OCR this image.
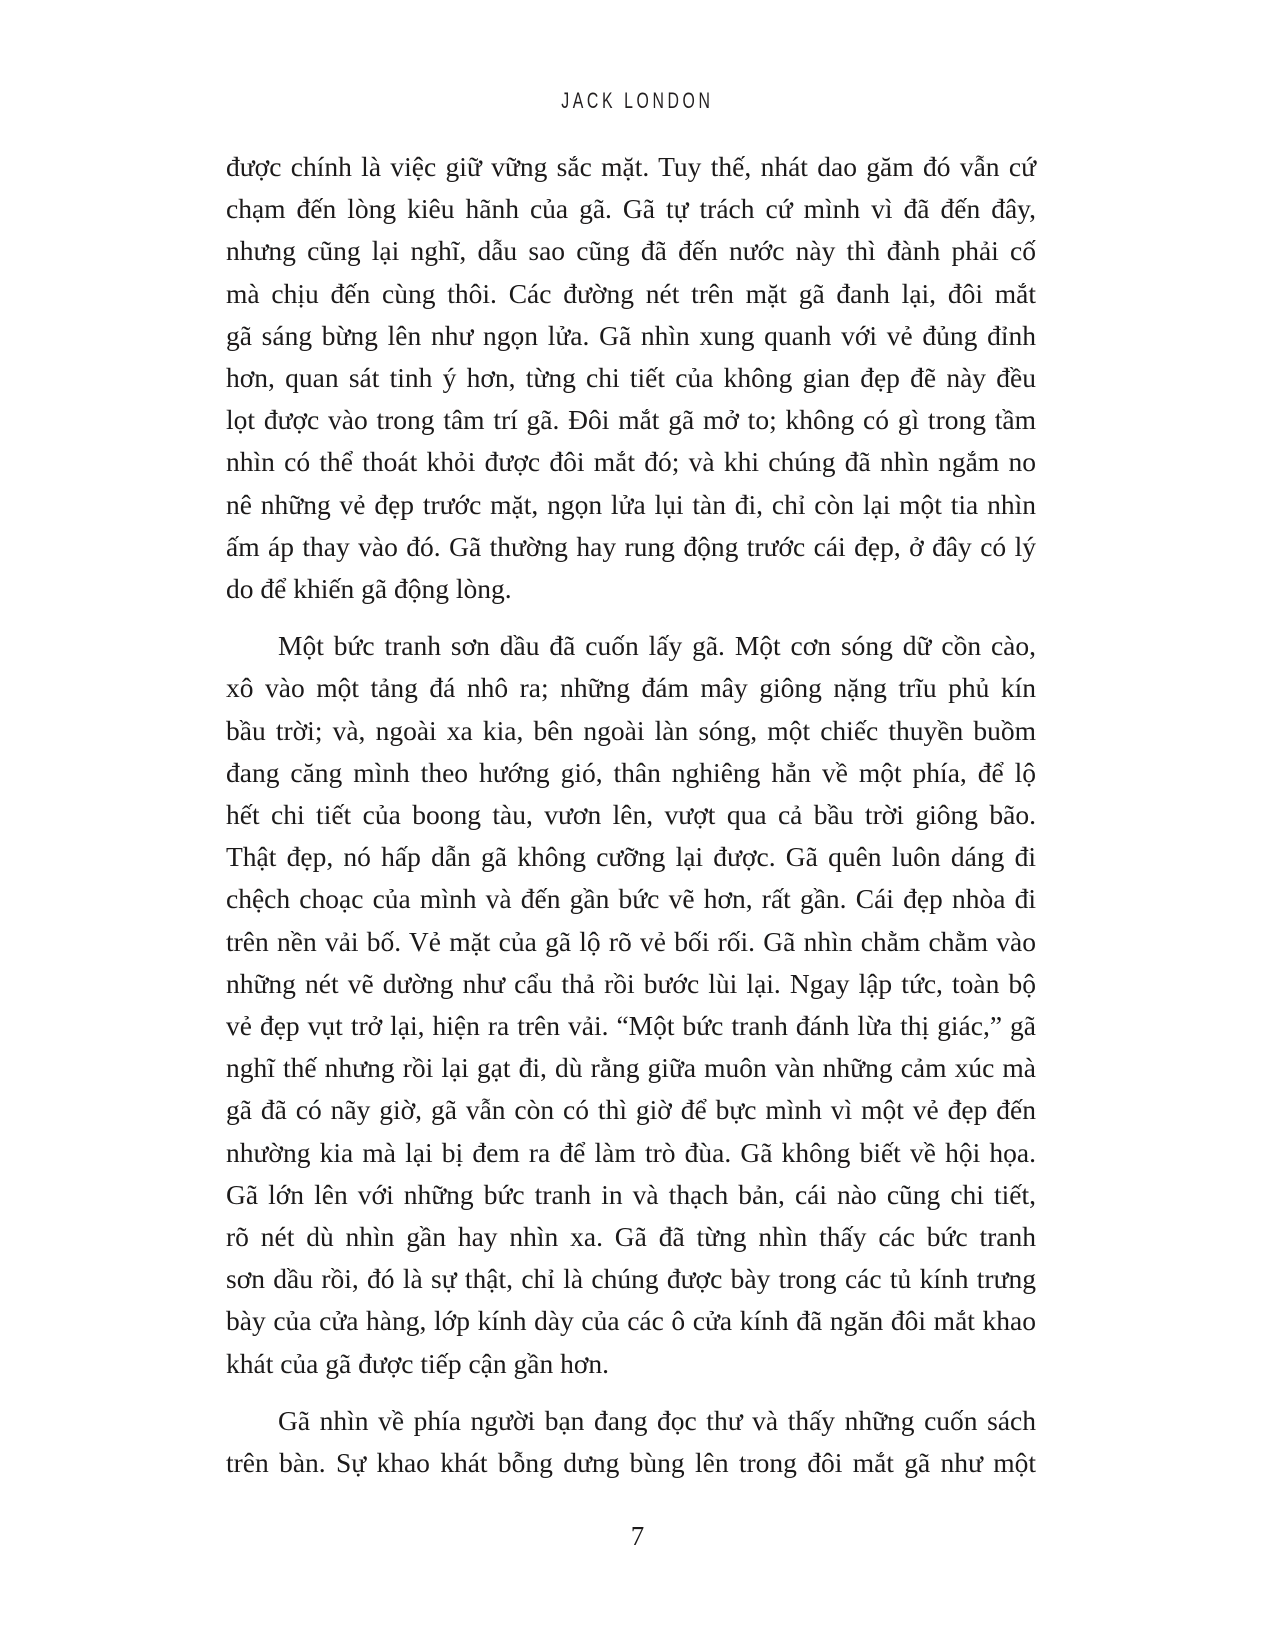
JACK LONDON

được chính là việc giữ vững sắc mặt. Tuy thế, nhát dao găm đó vẫn cứ
chạm đến lòng kiêu hãnh của gã. Gã tự trách cứ mình vì đã đến đây,
nhưng cũng lại nghĩ, dẫu sao cũng đã đến nước này thì đành phải cố
mà chịu đến cùng thôi. Các đường nét trên mặt gã đanh lại, đôi mắt
gã sáng bừng lên như ngọn lửa. Gã nhìn xung quanh với vẻ đủng đỉnh
hơn, quan sát tinh ý hơn, từng chi tiết của không gian đẹp đẽ này đều
lọt được vào trong tâm trí gã. Đôi mắt gã mở to; không có gì trong tầm
nhìn có thể thoát khỏi được đôi mắt đó; và khi chúng đã nhìn ngắm no
nê những vẻ đẹp trước mặt, ngọn lửa lụi tàn đi, chỉ còn lại một tia nhìn
ấm áp thay vào đó. Gã thường hay rung động trước cái đẹp, ở đây có lý
do để khiến gã động lòng.

Một bức tranh sơn dầu đã cuốn lấy gã. Một cơn sóng dữ cồn cào,
xô vào một tảng đá nhô ra; những đám mây giông nặng trĩu phủ kín
bầu trời; và, ngoài xa kia, bên ngoài làn sóng, một chiếc thuyền buồm
đang căng mình theo hướng gió, thân nghiêng hẳn về một phía, để lộ
hết chi tiết của boong tàu, vươn lên, vượt qua cả bầu trời giông bão.
Thật đẹp, nó hấp dẫn gã không cưỡng lại được. Gã quên luôn dáng đi
chệch choạc của mình và đến gần bức vẽ hơn, rất gần. Cái đẹp nhòa đi
trên nền vải bố. Vẻ mặt của gã lộ rõ vẻ bối rối. Gã nhìn chằm chằm vào
những nét vẽ dường như cẩu thả rồi bước lùi lại. Ngay lập tức, toàn bộ
vẻ đẹp vụt trở lại, hiện ra trên vải. “Một bức tranh đánh lừa thị giác,” gã
nghĩ thế nhưng rồi lại gạt đi, dù rằng giữa muôn vàn những cảm xúc mà
gã đã có nãy giờ, gã vẫn còn có thì giờ để bực mình vì một vẻ đẹp đến
nhường kia mà lại bị đem ra để làm trò đùa. Gã không biết về hội họa.
Gã lớn lên với những bức tranh in và thạch bản, cái nào cũng chi tiết,
rõ nét dù nhìn gần hay nhìn xa. Gã đã từng nhìn thấy các bức tranh
sơn dầu rồi, đó là sự thật, chỉ là chúng được bày trong các tủ kính trưng
bày của cửa hàng, lớp kính dày của các ô cửa kính đã ngăn đôi mắt khao
khát của gã được tiếp cận gần hơn.

Gã nhìn về phía người bạn đang đọc thư và thấy những cuốn sách
trên bàn. Sự khao khát bỗng dưng bùng lên trong đôi mắt gã như một

7
